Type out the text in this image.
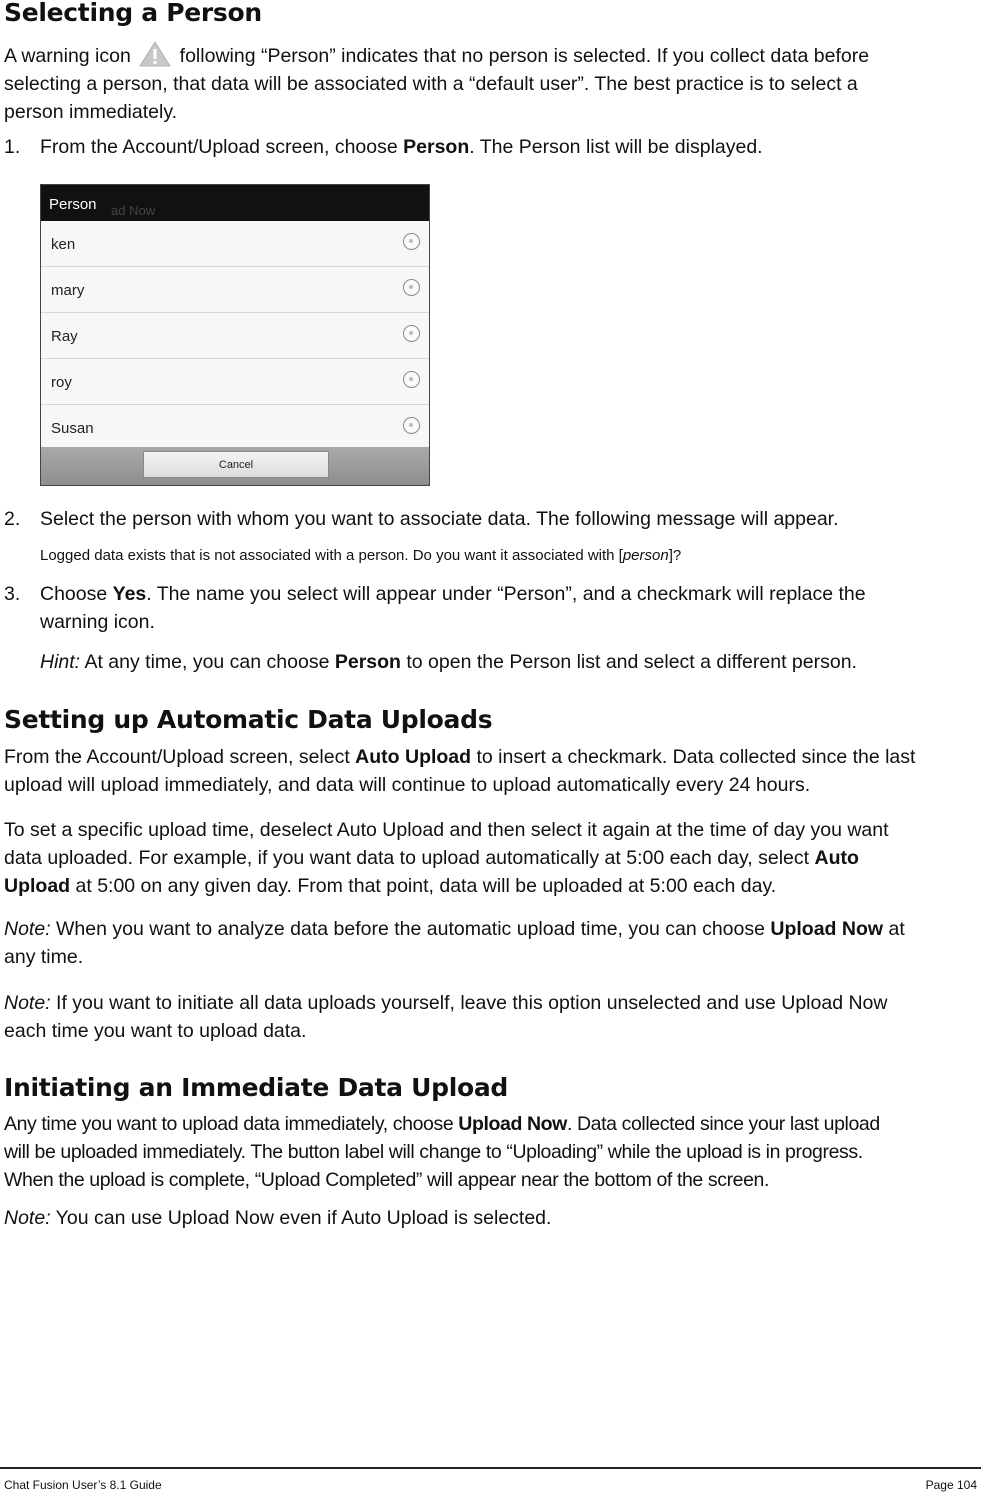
Selecting a Person

A warning icon	following “Person” indicates that no person is selected. If you collect data before
selecting a person, that data will be associated with a “default user”. The best practice is to select a
person immediately.

1. From the Account/Upload screen, choose Person. The Person list will be displayed.

Person ad Now
ken
mary
Ray
roy
Susan
Cancel

2. Select the person with whom you want to associate data. The following message will appear.

Logged data exists that is not associated with a person. Do you want it associated with [person]?

3. Choose Yes. The name you select will appear under “Person”, and a checkmark will replace the
warning icon.

Hint: At any time, you can choose Person to open the Person list and select a different person.

Setting up Automatic Data Uploads

From the Account/Upload screen, select Auto Upload to insert a checkmark. Data collected since the last
upload will upload immediately, and data will continue to upload automatically every 24 hours.

To set a specific upload time, deselect Auto Upload and then select it again at the time of day you want
data uploaded. For example, if you want data to upload automatically at 5:00 each day, select Auto
Upload at 5:00 on any given day. From that point, data will be uploaded at 5:00 each day.

Note: When you want to analyze data before the automatic upload time, you can choose Upload Now at
any time.

Note: If you want to initiate all data uploads yourself, leave this option unselected and use Upload Now
each time you want to upload data.

Initiating an Immediate Data Upload

Any time you want to upload data immediately, choose Upload Now. Data collected since your last upload
will be uploaded immediately. The button label will change to “Uploading” while the upload is in progress.
When the upload is complete, “Upload Completed” will appear near the bottom of the screen.

Note: You can use Upload Now even if Auto Upload is selected.

Chat Fusion User’s 8.1 Guide	Page 104
